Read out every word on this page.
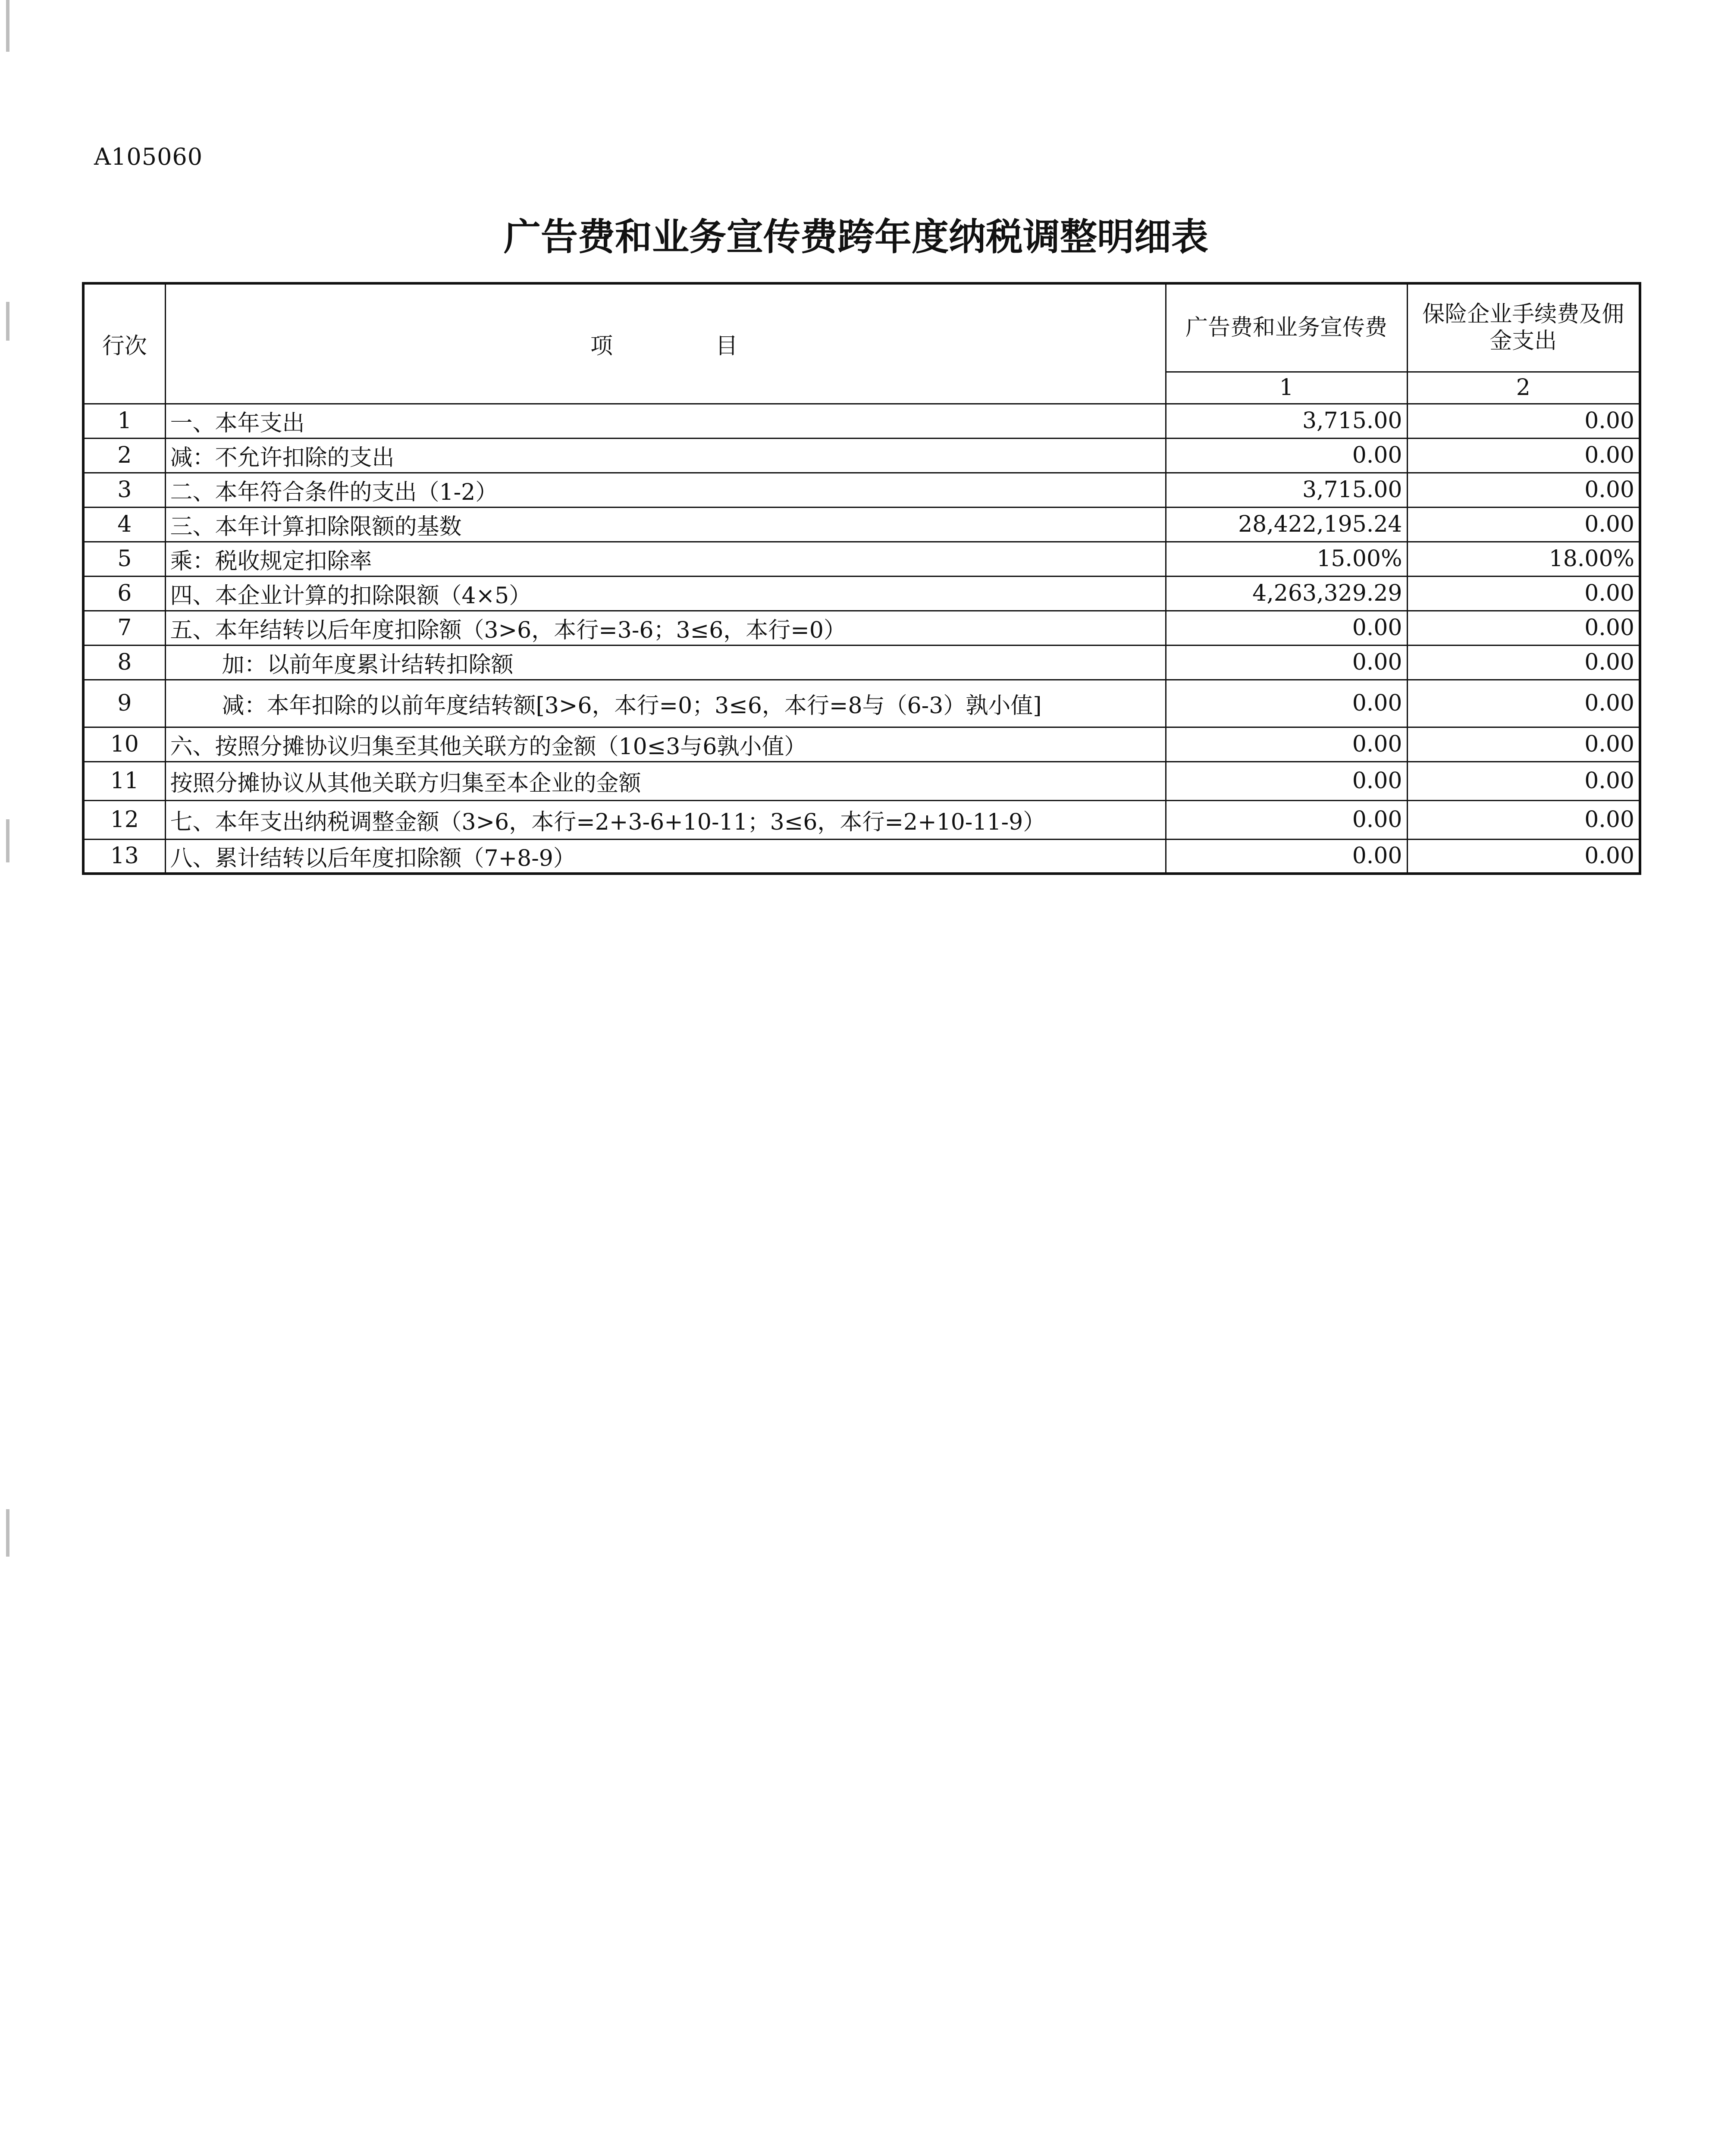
A105060
广告费和业务宣传费跨年度纳税调整明细表
行次	项　　　　目	广告费和业务宣传费	保险企业手续费及佣金支出
		1	2
1	一、本年支出	3,715.00	0.00
2	减：不允许扣除的支出	0.00	0.00
3	二、本年符合条件的支出（1-2）	3,715.00	0.00
4	三、本年计算扣除限额的基数	28,422,195.24	0.00
5	乘：税收规定扣除率	15.00%	18.00%
6	四、本企业计算的扣除限额（4×5）	4,263,329.29	0.00
7	五、本年结转以后年度扣除额（3>6，本行=3-6；3≤6，本行=0）	0.00	0.00
8	加：以前年度累计结转扣除额	0.00	0.00
9	减：本年扣除的以前年度结转额[3>6，本行=0；3≤6，本行=8与（6-3）孰小值]	0.00	0.00
10	六、按照分摊协议归集至其他关联方的金额（10≤3与6孰小值）	0.00	0.00
11	按照分摊协议从其他关联方归集至本企业的金额	0.00	0.00
12	七、本年支出纳税调整金额（3>6，本行=2+3-6+10-11；3≤6，本行=2+10-11-9）	0.00	0.00
13	八、累计结转以后年度扣除额（7+8-9）	0.00	0.00
